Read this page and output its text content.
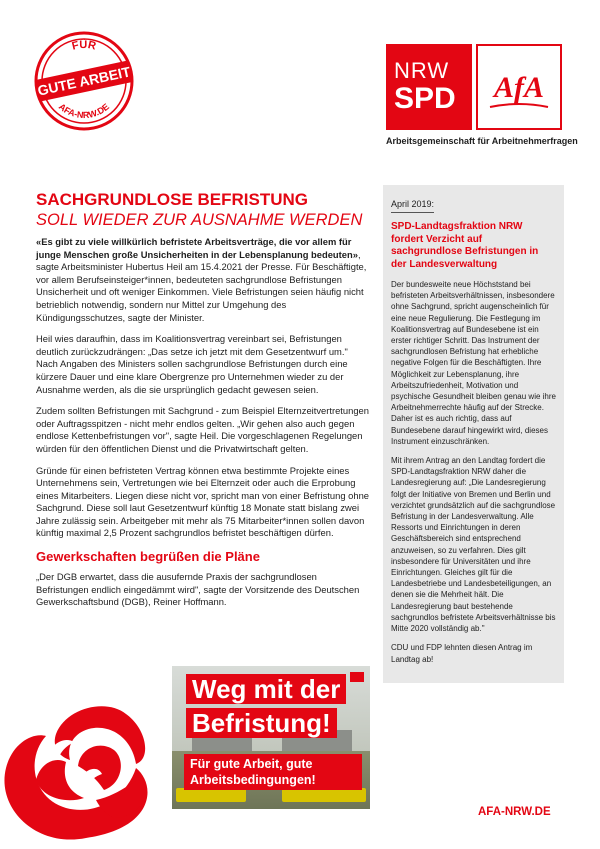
FÜR
GUTE ARBEIT
AFA-NRW.DE
NRW
SPD	AfA
Arbeitsgemeinschaft für Arbeitnehmerfragen
SACHGRUNDLOSE BEFRISTUNG
SOLL WIEDER ZUR AUSNAHME WERDEN

«Es gibt zu viele willkürlich befristete Arbeitsverträge, die vor allem für junge Menschen große Unsicherheiten in der Lebensplanung bedeuten», sagte Arbeitsminister Hubertus Heil am 15.4.2021 der Presse. Für Beschäftigte, vor allem Berufseinsteiger*innen, bedeuteten sachgrundlose Befristungen Unsicherheit und oft weniger Einkommen. Viele Befristungen seien häufig nicht betrieblich notwendig, sondern nur Mittel zur Umgehung des Kündigungsschutzes, sagte der Minister.

Heil wies daraufhin, dass im Koalitionsvertrag vereinbart sei, Befristungen deutlich zurückzudrängen: „Das setze ich jetzt mit dem Gesetzentwurf um." Nach Angaben des Ministers sollen sachgrundlose Befristungen durch eine kürzere Dauer und eine klare Obergrenze pro Unternehmen wieder zu der Ausnahme werden, als die sie ursprünglich gedacht gewesen seien.

Zudem sollten Befristungen mit Sachgrund - zum Beispiel Elternzeitvertretungen oder Auftragsspitzen - nicht mehr endlos gelten. „Wir gehen also auch gegen endlose Kettenbefristungen vor", sagte Heil. Die vorgeschlagenen Regelungen würden für den öffentlichen Dienst und die Privatwirtschaft gelten.

Gründe für einen befristeten Vertrag können etwa bestimmte Projekte eines Unternehmens sein, Vertretungen wie bei Elternzeit oder auch die Erprobung eines Mitarbeiters. Liegen diese nicht vor, spricht man von einer Befristung ohne Sachgrund. Diese soll laut Gesetzentwurf künftig 18 Monate statt bislang zwei Jahre zulässig sein. Arbeitgeber mit mehr als 75 Mitarbeiter*innen sollen davon künftig maximal 2,5 Prozent sachgrundlos befristet beschäftigen dürfen.

Gewerkschaften begrüßen die Pläne

„Der DGB erwartet, dass die ausufernde Praxis der sachgrundlosen Befristungen endlich eingedämmt wird", sagte der Vorsitzende des Deutschen Gewerkschaftsbund (DGB), Reiner Hoffmann.

April 2019:
SPD-Landtagsfraktion NRW fordert Verzicht auf sachgrundlose Befristungen in der Landesverwaltung

Der bundesweite neue Höchststand bei befristeten Arbeitsverhältnissen, insbesondere ohne Sachgrund, spricht augenscheinlich für eine neue Regulierung. Die Festlegung im Koalitionsvertrag auf Bundesebene ist ein erster richtiger Schritt. Das Instrument der sachgrundlosen Befristung hat erhebliche negative Folgen für die Beschäftigten. Ihre Möglichkeit zur Lebensplanung, ihre Arbeitszufriedenheit, Motivation und psychische Gesundheit bleiben genau wie ihre Arbeitnehmerrechte häufig auf der Strecke. Daher ist es auch richtig, dass auf Bundesebene darauf hingewirkt wird, dieses Instrument einzuschränken.

Mit ihrem Antrag an den Landtag fordert die SPD-Landtagsfraktion NRW daher die Landesregierung auf: „Die Landesregierung folgt der Initiative von Bremen und Berlin und verzichtet grundsätzlich auf die sachgrundlose Befristung in der Landesverwaltung. Alle Ressorts und Einrichtungen in deren Geschäftsbereich sind entsprechend anzuweisen, so zu verfahren. Dies gilt insbesondere für Universitäten und ihre Einrichtungen. Gleiches gilt für die Landesbetriebe und Landesbeteiligungen, an denen sie die Mehrheit hält. Die Landesregierung baut bestehende sachgrundlos befristete Arbeitsverhältnisse bis Mitte 2020 vollständig ab."

CDU und FDP lehnten diesen Antrag im Landtag ab!

Weg mit der
Befristung!
Für gute Arbeit, gute Arbeitsbedingungen!
AFA-NRW.DE
